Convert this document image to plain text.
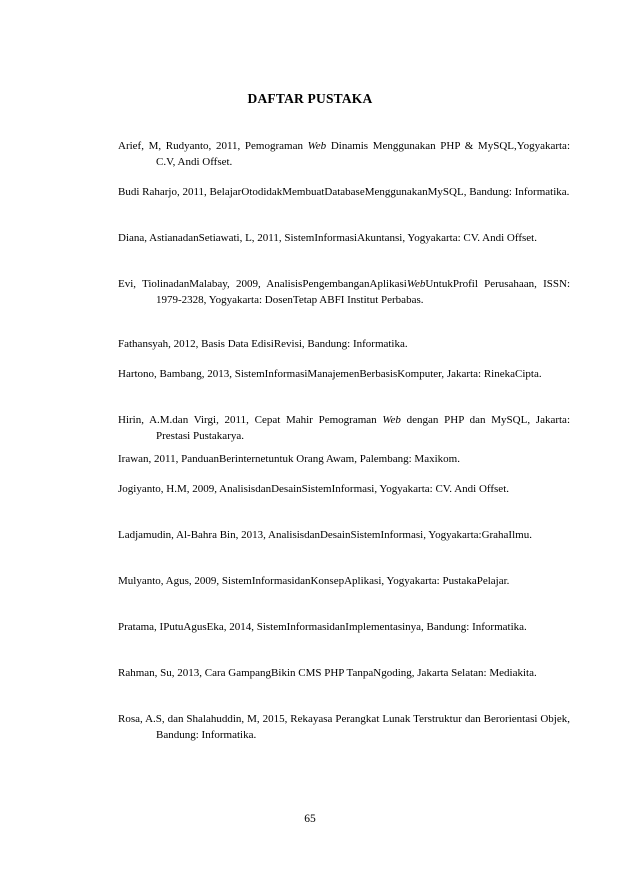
DAFTAR PUSTAKA

Arief, M, Rudyanto, 2011, Pemograman Web Dinamis Menggunakan PHP & MySQL,Yogyakarta: C.V, Andi Offset.

Budi Raharjo, 2011, BelajarOtodidakMembuatDatabaseMenggunakanMySQL, Bandung: Informatika.

Diana, AstianadanSetiawati, L, 2011, SistemInformasiAkuntansi, Yogyakarta: CV. Andi Offset.

Evi, TiolinadanMalabay, 2009, AnalisisPengembanganAplikasiWebUntukProfil Perusahaan, ISSN: 1979-2328, Yogyakarta: DosenTetap ABFI Institut Perbabas.

Fathansyah, 2012, Basis Data EdisiRevisi, Bandung: Informatika.

Hartono, Bambang, 2013, SistemInformasiManajemenBerbasisKomputer, Jakarta: RinekaCipta.

Hirin, A.M.dan Virgi, 2011, Cepat Mahir Pemograman Web dengan PHP dan MySQL, Jakarta: Prestasi Pustakarya.

Irawan, 2011, PanduanBerinternetuntuk Orang Awam, Palembang: Maxikom.

Jogiyanto, H.M, 2009, AnalisisdanDesainSistemInformasi, Yogyakarta: CV. Andi Offset.

Ladjamudin, Al-Bahra Bin, 2013, AnalisisdanDesainSistemInformasi, Yogyakarta:GrahaIlmu.

Mulyanto, Agus, 2009, SistemInformasidanKonsepAplikasi, Yogyakarta: PustakaPelajar.

Pratama, IPutuAgusEka, 2014, SistemInformasidanImplementasinya, Bandung: Informatika.

Rahman, Su, 2013, Cara GampangBikin CMS PHP TanpaNgoding, Jakarta Selatan: Mediakita.

Rosa, A.S, dan Shalahuddin, M, 2015, Rekayasa Perangkat Lunak Terstruktur dan Berorientasi Objek, Bandung: Informatika.

65
